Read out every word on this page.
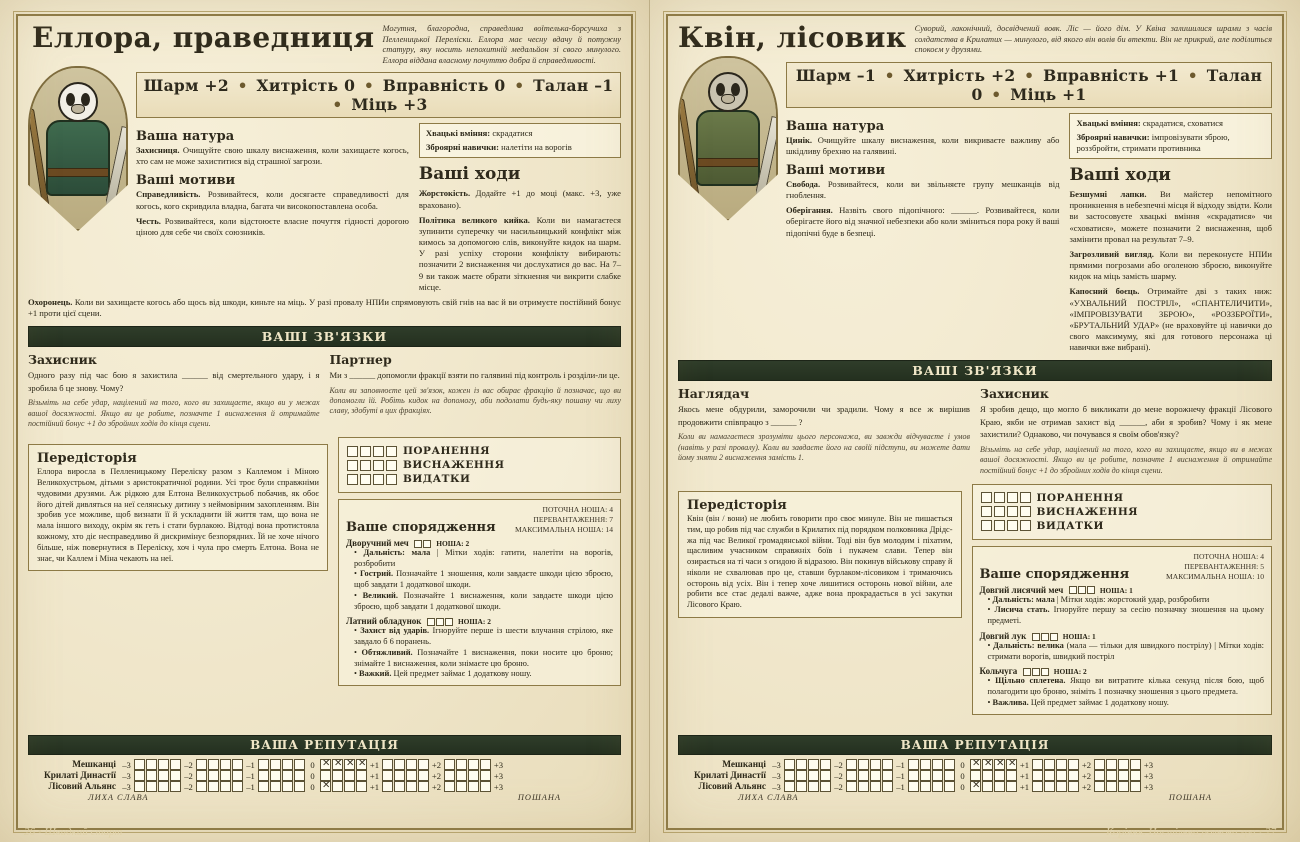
Еллора, праведниця Могутня, благородна, справедлива воїтелька-борсучиха з Пелленицької Переліски. Еллора має чесну вдачу й потужну статуру, яку носить непохитній медальйон зі свого минулого. Еллора віддана власному почуттю добра й справедливості.
Шарм +2 • Хитрість 0 • Вправність 0 • Талан –1 • Міць +3
Ваша натура
Захисниця. Очищуйте свою шкалу виснаження, коли захищаєте когось, хто сам не може захиститися від страшної загрози.
Ваші мотиви
Справедливість. Розвивайтеся, коли досягаєте справедливості для когось, кого скривдила владна, багата чи високопоставлена особа.
Честь. Розвивайтеся, коли відстоюєте власне почуття гідності дорогою ціною для себе чи своїх союзників.
Хвацькі вміння: скрадатися
Зброярні навички: налетіти на ворогів
Ваші ходи
Жорстокість. Додайте +1 до моці (макс. +3, уже враховано).
Політика великого кийка. Коли ви намагаєтеся зупинити суперечку чи насильницький конфлікт між кимось за допомогою слів, виконуйте кидок на шарм. У разі успіху сторони конфлікту вибирають: позначити 2 виснаження чи дослухатися до вас. На 7–9 ви також маєте обрати зіткнення чи викрити слабке місце.
Охоронець. Коли ви захищаєте когось або щось від шкоди, киньте на міць. У разі провалу НПИи спрямовують свій гнів на вас й ви отримуєте постійний бонус +1 проти цієї сцени.
ВАШІ ЗВ'ЯЗКИ
Захисник
Одного разу під час бою я захистила ______ від смертельного удару, і я зробила б це знову. Чому?
Візьміть на себе удар, націлений на того, кого ви захищаєте, якщо ви у межах вашої досяжності. Якщо ви це робите, позначте 1 виснаження й отримайте постійний бонус +1 до збройних ходів до кінця сцени.
Партнер
Ми з ______ допомогли фракції взяти по галявині під контроль і розділи-ли це.
Коли ви заповнюєте цей зв'язок, кожен із вас обирає фракцію й позначає, що ви допомогли їй. Робіть кидок на допомогу, аби подолати будь-яку пошану чи лиху славу, здобуті в цих фракціях.
Передісторія
Еллора виросла в Пелленицькому Переліску разом з Каллемом і Міною Великохустрьом, дітьми з аристократичної родини. Усі троє були справжніми чудовими друзями. Аж рідкою для Елтона Великохустрьоб побачив, як обоє його дітей дивляться на неї селянську дитину з неймовірним захопленням. Він зробив усе можливе, щоб визнати її й ускладнити їй життя там, що вона не мала іншого виходу, окрім як геть і стати бурлакою. Відтоді вона протистояла кожному, хто діє несправедливо й дискримінує безпорядних. Їй не хоче нічого більше, ніж повернутися в Переліску, хоч і чула про смерть Елтона. Вона не знає, чи Каллем і Міна чекають на неї.
ПОРАНЕННЯ
ВИСНАЖЕННЯ
ВИДАТКИ
Ваше спорядження
ПОТОЧНА НОША: 4
ПЕРЕВАНТАЖЕННЯ: 7
МАКСИМАЛЬНА НОША: 14
Дворучний меч	НОША: 2
• Дальність: мала | Мітки ходів: гатити, налетіти на ворогів, розбробити
• Гострий. Позначайте 1 зношення, коли завдаєте шкоди цією зброєю, щоб завдати 1 додаткової шкоди.
• Великий. Позначайте 1 виснаження, коли завдаєте шкоди цією зброєю, щоб завдати 1 додаткової шкоди.
Латний обладунок	НОША: 2
• Захист від ударів. Ігноруйте перше із шести влучання стрілою, яке завдало б 6 поранень.
• Обтяжливий. Позначайте 1 виснаження, поки носите цю броню; знімайте 1 виснаження, коли знімаєте цю броню.
• Важкий. Цей предмет займає 1 додаткову ношу.
ВАША РЕПУТАЦІЯ
Мешканці –3	–2	–1	0 ✕ ✕ ✕ ✕	+1	+2	+3
Крилаті Династії –3	–2	–1	0	+1	+2	+3
Лісовий Альянс –3	–2	–1	0 ✕	+1	+2	+3
ЛИХА СЛАВА	ПОШАНА
26 • Швидкий старт
Квін, лісовик Суворий, лаконічний, досвідчений вовк. Ліс — його дім. У Квіна залишилися шрами з часів солдатства в Крилатих — минулого, від якого він волів би втекти. Він не прикрий, але поділиться спокоєм у друзями.
Шарм –1 • Хитрість +2 • Вправність +1 • Талан 0 • Міць +1
Ваша натура
Цинік. Очищуйте шкалу виснаження, коли викриваєте важливу або шкідливу брехню на галявині.
Ваші мотиви
Свобода. Розвивайтеся, коли ви звільняєте групу мешканців від гноблення.
Оберігання. Назвіть свого підопічного: ______. Розвивайтеся, коли оберігаєте його від значної небезпеки або коли зміниться пора року й ваші підопічні буде в безпеці.
Хвацькі вміння: скрадатися, сховатися
Зброярні навички: імпровізувати зброю, роззбройти, стримати противника
Ваші ходи
Безшумні лапки. Ви майстер непомітного проникнення в небезпечні місця й відходу звідти. Коли ви застосовуєте хвацькі вміння «скрадатися» чи «сховатися», можете позначити 2 виснаження, щоб замінити провал на результат 7–9.
Загрозливий вигляд. Коли ви переконуєте НПИи прямими погрозами або оголеною зброєю, виконуйте кидок на міць замість шарму.
Капосний боєць. Отримайте дві з таких ниж: «УХВАЛЬНИЙ ПОСТРІЛ», «СПАНТЕЛИЧИТИ», «ІМПРОВІЗУВАТИ ЗБРОЮ», «РОЗЗБРОЇТИ», «БРУТАЛЬНИЙ УДАР» (не враховуйте ці навички до свого максимуму, які для готового персонажа ці навички вже вибрані).
ВАШІ ЗВ'ЯЗКИ
Наглядач
Якось мене обдурили, заморочили чи зрадили. Чому я все ж вирішив продовжити співпрацю з ______ ?
Коли ви намагаєтеся зрозуміти цього персонажа, ви завжди відчуваєте і умов (навіть у разі провалу). Коли ви завдаєте його на своїй підступи, ви можете дати йому зняти 2 виснаження замість 1.
Захисник
Я зробив дещо, що могло б викликати до мене ворожнечу фракції Лісового Краю, якби не отримав захист від ______, аби я зробив? Чому і як мене захистили? Однаково, чи почувався я своїм обов'язку?
Візьміть на себе удар, націлений на того, кого ви захищаєте, якщо ви в межах вашої досяжності. Якщо ви це робите, позначте 1 виснаження й отримайте постійний бонус +1 до збройних ходів до кінця сцени.
Передісторія
Квін (він / вони) не любить говорити про своє минуле. Він не пишається тим, що робив під час служби в Крилатих під порядком полковника Дрідс-жа під час Великої громадянської війни. Тоді він був молодим і піхатим, щасливим учасником справжніх боїв і пукачем слави. Тепер він озирається на ті часи з огидою й відразою. Він покинув військову справу й ніколи не схвалював про це, ставши бурлаком-лісовиком і тримаючись осторонь від усіх. Він і тепер хоче лишитися осторонь нової війни, але робити все стає дедалі важче, адже вона прокрадається в усі закутки Лісового Краю.
ПОРАНЕННЯ
ВИСНАЖЕННЯ
ВИДАТКИ
Ваше спорядження
ПОТОЧНА НОША: 4
ПЕРЕВАНТАЖЕННЯ: 5
МАКСИМАЛЬНА НОША: 10
Довгий лисячий меч	НОША: 1
• Дальність: мала | Мітки ходів: жорстокий удар, розбробити
• Лисича стать. Ігноруйте першу за сесію позначку зношення на цьому предметі.
Довгий лук	НОША: 1
• Дальність: велика (мала — тільки для швидкого пострілу) | Мітки ходів: стримати ворогів, швидкий постріл
Кольчуга	НОША: 2
• Щільно сплетена. Якщо ви витратите кілька секунд після бою, щоб полагодити цю броню, зніміть 1 позначку зношення з цього предмета.
• Важлива. Цей предмет займає 1 додаткову ношу.
ВАША РЕПУТАЦІЯ
Мешканці –3	–2	–1	0 ✕ ✕ ✕ ✕	+1	+2	+3
Крилаті Династії –3	–2	–1	0	+1	+2	+3
Лісовий Альянс –3	–2	–1	0 ✕	+1	+2	+3
ЛИХА СЛАВА	ПОШАНА
Коріння. Настільна рольова гра • 27
